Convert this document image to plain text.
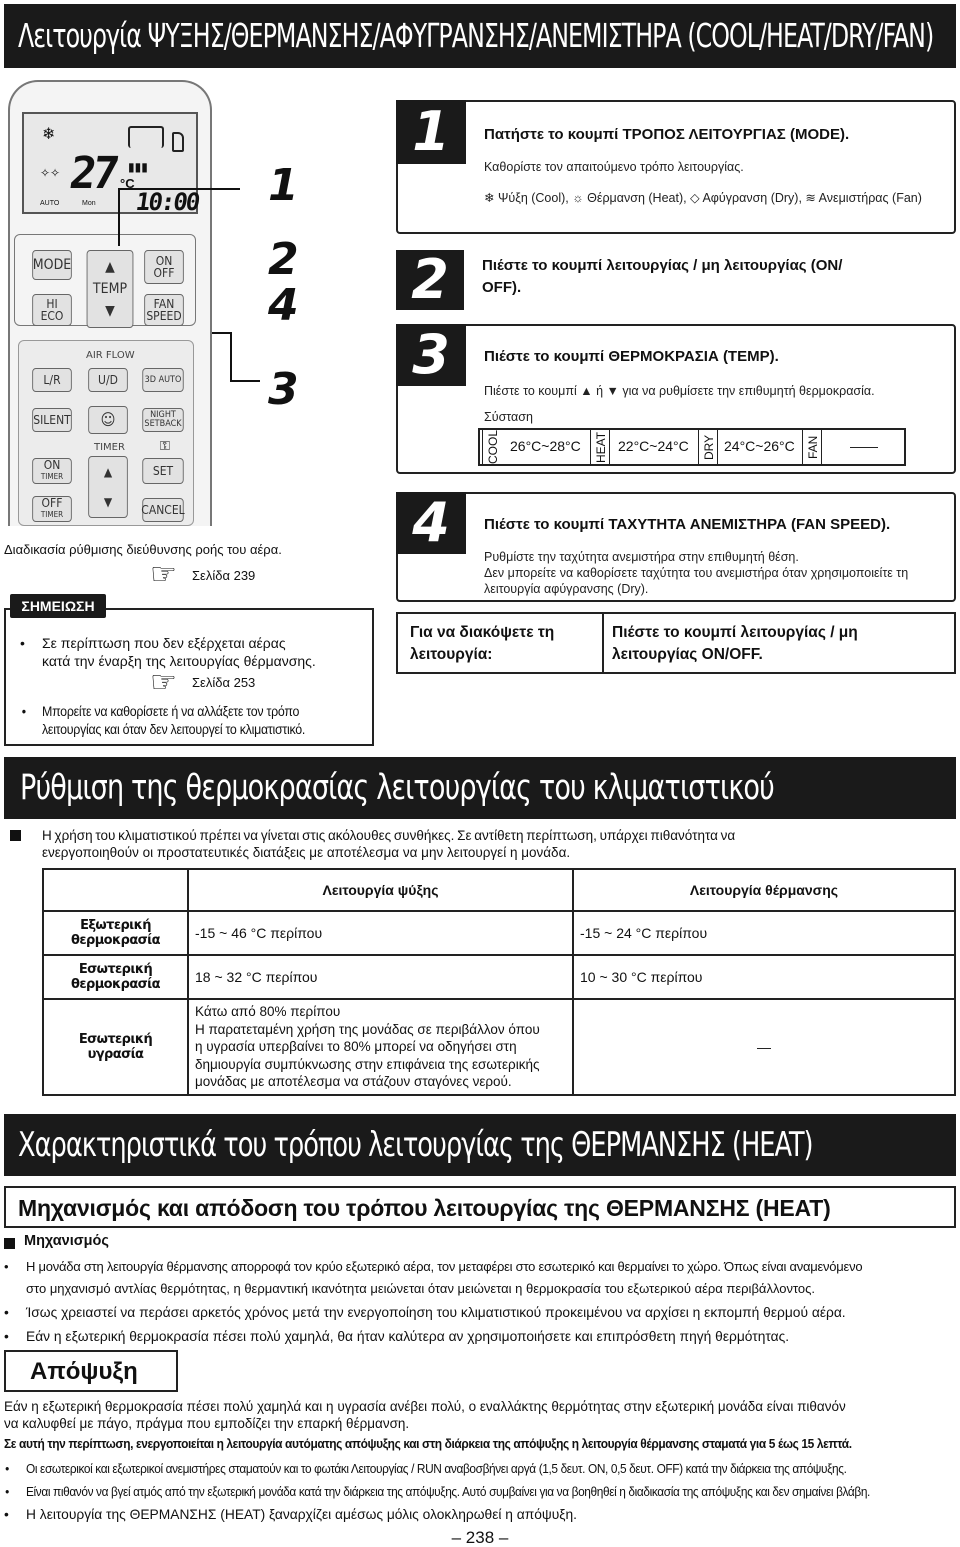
Λειτουργία ΨΥΞΗΣ/ΘΕΡΜΑΝΣΗΣ/ΑΦΥΓΡΑΝΣΗΣ/ΑΝΕΜΙΣΤΗΡΑ (COOL/HEAT/DRY/FAN)
❄
✧✧ 27 °C
▮▮▮
10:00
AUTO	Mon
MODE
HI
ECO
▲
TEMP
▼
ON
OFF
FAN
SPEED
AIR FLOW
L/R	U/D	3D AUTO
SILENT	☺	NIGHT
SETBACK
TIMER	⚿
ON
TIMER	▲
▼
SET
OFF
TIMER	CANCEL
1
2
4
3
1	Πατήστε το κουμπί ΤΡΟΠΟΣ ΛΕΙΤΟΥΡΓΙΑΣ (MODE).
Καθορίστε τον απαιτούμενο τρόπο λειτουργίας.
❄ Ψύξη (Cool), ☼ Θέρμανση (Heat), ◇ Αφύγρανση (Dry), ≋ Ανεμιστήρας (Fan)
2	Πιέστε το κουμπί λειτουργίας / μη λειτουργίας (ON/
OFF).
3	Πιέστε το κουμπί ΘΕΡΜΟΚΡΑΣΙΑ (TEMP).
Πιέστε το κουμπί ▲ ή ▼ για να ρυθμίσετε την επιθυμητή θερμοκρασία.
Σύσταση
COOL 26°C~28°C	HEAT 22°C~24°C	DRY 24°C~26°C FAN ——
4	Πιέστε το κουμπί ΤΑΧΥΤΗΤΑ ΑΝΕΜΙΣΤΗΡΑ (FAN SPEED).
Ρυθμίστε την ταχύτητα ανεμιστήρα στην επιθυμητή θέση.
Δεν μπορείτε να καθορίσετε ταχύτητα του ανεμιστήρα όταν χρησιμοποιείτε τη
λειτουργία αφύγρανσης (Dry).
Για να διακόψετε τη
λειτουργία:
Πιέστε το κουμπί λειτουργίας / μη
λειτουργίας ON/OFF.
Διαδικασία ρύθμισης διεύθυνσης ροής του αέρα.
☞ Σελίδα 239
ΣΗΜΕΙΩΣΗ
• Σε περίπτωση που δεν εξέρχεται αέρας
κατά την έναρξη της λειτουργίας θέρμανσης.
☞ Σελίδα 253
• Μπορείτε να καθορίσετε ή να αλλάξετε τον τρόπο
λειτουργίας και όταν δεν λειτουργεί το κλιματιστικό.
Ρύθμιση της θερμοκρασίας λειτουργίας του κλιματιστικού
Η χρήση του κλιματιστικού πρέπει να γίνεται στις ακόλουθες συνθήκες. Σε αντίθετη περίπτωση, υπάρχει πιθανότητα να
ενεργοποιηθούν οι προστατευτικές διατάξεις με αποτέλεσμα να μην λειτουργεί η μονάδα.
	Λειτουργία ψύξης	Λειτουργία θέρμανσης
Εξωτερική θερμοκρασία	-15 ~ 46 °C περίπου	-15 ~ 24 °C περίπου
Εσωτερική θερμοκρασία	18 ~ 32 °C περίπου	10 ~ 30 °C περίπου
Εσωτερική υγρασία	Κάτω από 80% περίπου
Η παρατεταμένη χρήση της μονάδας σε περιβάλλον όπου
η υγρασία υπερβαίνει το 80% μπορεί να οδηγήσει στη
δημιουργία συμπύκνωσης στην επιφάνεια της εσωτερικής
μονάδας με αποτέλεσμα να στάζουν σταγόνες νερού.	—
Χαρακτηριστικά του τρόπου λειτουργίας της ΘΕΡΜΑΝΣΗΣ (HEAT)
Μηχανισμός και απόδοση του τρόπου λειτουργίας της ΘΕΡΜΑΝΣΗΣ (HEAT)
Μηχανισμός
• Η μονάδα στη λειτουργία θέρμανσης απορροφά τον κρύο εξωτερικό αέρα, τον μεταφέρει στο εσωτερικό και θερμαίνει το χώρο. Όπως είναι αναμενόμενο
στο μηχανισμό αντλίας θερμότητας, η θερμαντική ικανότητα μειώνεται όταν μειώνεται η θερμοκρασία του εξωτερικού αέρα περιβάλλοντος.
• Ίσως χρειαστεί να περάσει αρκετός χρόνος μετά την ενεργοποίηση του κλιματιστικού προκειμένου να αρχίσει η εκπομπή θερμού αέρα.
• Εάν η εξωτερική θερμοκρασία πέσει πολύ χαμηλά, θα ήταν καλύτερα αν χρησιμοποιήσετε και επιπρόσθετη πηγή θερμότητας.
Απόψυξη
Εάν η εξωτερική θερμοκρασία πέσει πολύ χαμηλά και η υγρασία ανέβει πολύ, ο εναλλάκτης θερμότητας στην εξωτερική μονάδα είναι πιθανόν
να καλυφθεί με πάγο, πράγμα που εμποδίζει την επαρκή θέρμανση.
Σε αυτή την περίπτωση, ενεργοποιείται η λειτουργία αυτόματης απόψυξης και στη διάρκεια της απόψυξης η λειτουργία θέρμανσης σταματά για 5 έως 15 λεπτά.
• Οι εσωτερικοί και εξωτερικοί ανεμιστήρες σταματούν και το φωτάκι Λειτουργίας / RUN αναβοσβήνει αργά (1,5 δευτ. ON, 0,5 δευτ. OFF) κατά την διάρκεια της απόψυξης.
• Είναι πιθανόν να βγεί ατμός από την εξωτερική μονάδα κατά την διάρκεια της απόψυξης. Αυτό συμβαίνει για να βοηθηθεί η διαδικασία της απόψυξης και δεν σημαίνει βλάβη.
• Η λειτουργία της ΘΕΡΜΑΝΣΗΣ (HEAT) ξαναρχίζει αμέσως μόλις ολοκληρωθεί η απόψυξη.
– 238 –
